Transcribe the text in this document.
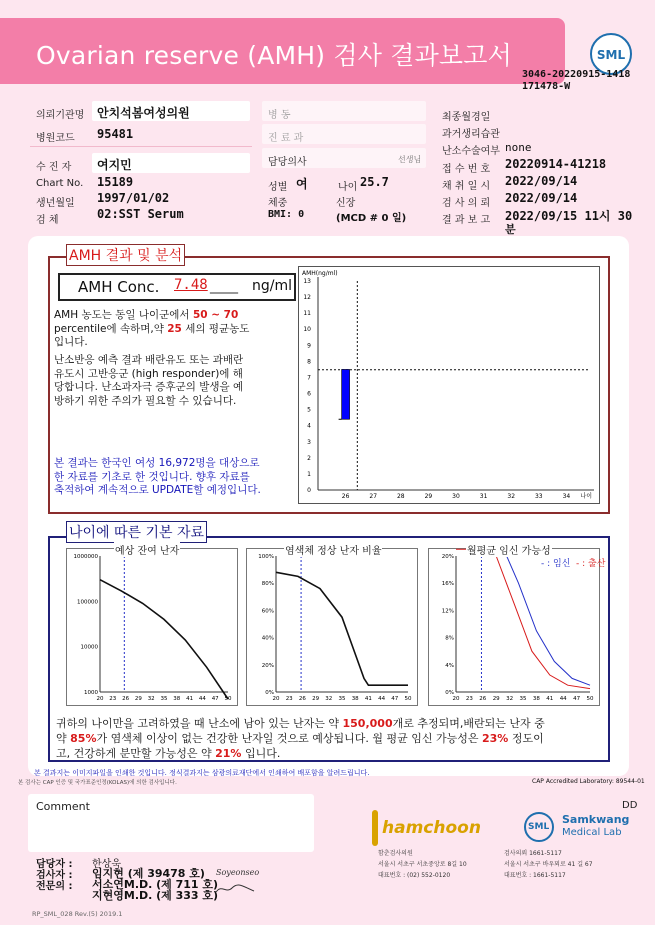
Ovarian reserve (AMH) 검사 결과보고서	SML
3046-20220915-1418
171478-W
의뢰기관명 안치석봄여성의원
병원코드 95481
수 진 자 여지민
Chart No. 15189
생년월일 1997/01/02
검 체	02:SST Serum
담당의사	선생님
성별 여	나이 25.7
체중	신장
BMI: 0	(MCD # 0 일)
최종월경일
과거생리습관
난소수술여부 none
접 수 번 호 20220914-41218
채 취 일 시 2022/09/14
검 사 의 뢰 2022/09/14
결 과 보 고 2022/09/15 11시 30
분
AMH 결과 및 분석
AMH Conc. 7.48 ____ ng/ml
AMH 농도는 동일 나이군에서 50 ~ 70
percentile에 속하며,약 25 세의 평균농도
입니다.
난소반응 예측 결과 배란유도 또는 과배란
유도시 고반응군 (high responder)에 해
당합니다. 난소과자극 증후군의 발생을 예
방하기 위한 주의가 필요할 수 있습니다.
본 결과는 한국인 여성 16,972명을 대상으로
한 자료를 기초로 한 것입니다. 향후 자료를
축적하여 계속적으로 UPDATE할 예정입니다.
AMH(ng/ml)
0
1
2
3
4
5
6
7
8
9
10
11
12
13
26	27	28	29	30	31	32	33	34 나이
나이에 따른 기본 자료
1000000
100000
10000
1000
20 23 26 29 32 35 38 41 44 47 50
100%
80%
60%
40%
20%
0%
20 23 26 29 32 35 38 41 44 47 50
20%
16%
12%
8%
4%
0%
20 23 26 29 32 35 38 41 44 47 50
예상 잔여 난자	염색체 정상 난자 비율	월평균 임신 가능성
- : 임신 - : 출산
귀하의 나이만을 고려하였을 때 난소에 남아 있는 난자는 약 150,000개로 추정되며,배란되는 난자 중
약 85%가 염색체 이상이 없는 건강한 난자일 것으로 예상됩니다. 월 평균 임신 가능성은 23% 정도이
고, 건강하게 분만할 가능성은 약 21% 입니다.
본 결과지는 이미지파일을 인쇄한 것입니다. 정식결과지는 삼광의료재단에서 인쇄하여 배포함을 알려드립니다.
본 검사는 CAP 인증 및 국가표준인정(KOLAS)에 의한 검사입니다.	CAP Accredited Laboratory: 89544-01
Comment	DD
hamchoon
함춘검사의원
서울시 서초구 서초중앙로 8길 10
대표번호 : (02) 552-0120
SML
Samkwang
Medical Lab
검사의뢰 1661-5117
서울시 서초구 바우뫼로 41 길 67
대표번호 : 1661-5117
담당자 : 한상욱
검사자 : 임지현 (제 39478 호)
전문의 : 서소연M.D. (제 711 호)
지현영M.D. (제 333 호)
Soyeonseo
RP_SML_028 Rev.(5) 2019.1
